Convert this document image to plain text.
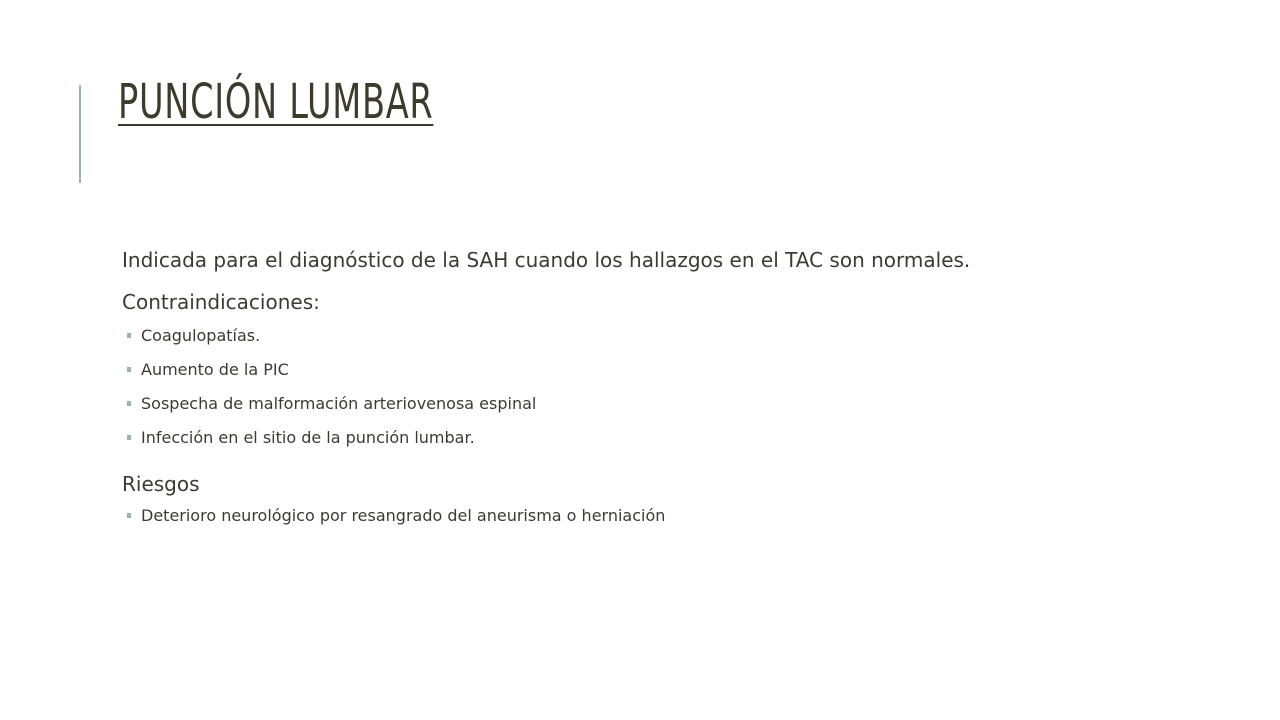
PUNCIÓN LUMBAR

Indicada para el diagnóstico de la SAH cuando los hallazgos en el TAC son normales.

Contraindicaciones:

Coagulopatías.
Aumento de la PIC
Sospecha de malformación arteriovenosa espinal
Infección en el sitio de la punción lumbar.

Riesgos

Deterioro neurológico por resangrado del aneurisma o herniación
